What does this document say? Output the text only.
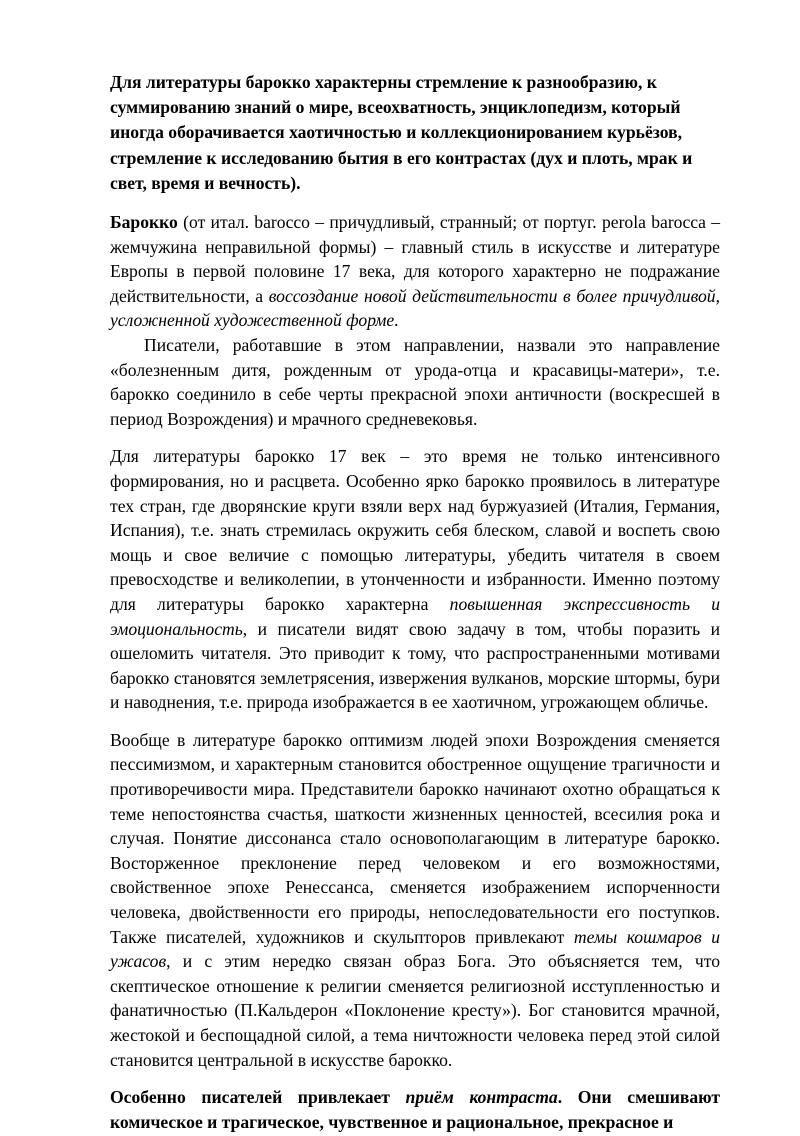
Для литературы барокко характерны стремление к разнообразию, к суммированию знаний о мире, всеохватность, энциклопедизм, который иногда оборачивается хаотичностью и коллекционированием курьёзов, стремление к исследованию бытия в его контрастах (дух и плоть, мрак и свет, время и вечность).

Барокко (от итал. barocco – причудливый, странный; от португ. perola barocca – жемчужина неправильной формы) – главный стиль в искусстве и литературе Европы в первой половине 17 века, для которого характерно не подражание действительности, а воссоздание новой действительности в более причудливой, усложненной художественной форме.

Писатели, работавшие в этом направлении, назвали это направление «болезненным дитя, рожденным от урода-отца и красавицы-матери», т.е. барокко соединило в себе черты прекрасной эпохи античности (воскресшей в период Возрождения) и мрачного средневековья.

Для литературы барокко 17 век – это время не только интенсивного формирования, но и расцвета. Особенно ярко барокко проявилось в литературе тех стран, где дворянские круги взяли верх над буржуазией (Италия, Германия, Испания), т.е. знать стремилась окружить себя блеском, славой и воспеть свою мощь и свое величие с помощью литературы, убедить читателя в своем превосходстве и великолепии, в утонченности и избранности. Именно поэтому для литературы барокко характерна повышенная экспрессивность и эмоциональность, и писатели видят свою задачу в том, чтобы поразить и ошеломить читателя. Это приводит к тому, что распространенными мотивами барокко становятся землетрясения, извержения вулканов, морские штормы, бури и наводнения, т.е. природа изображается в ее хаотичном, угрожающем обличье.

Вообще в литературе барокко оптимизм людей эпохи Возрождения сменяется пессимизмом, и характерным становится обостренное ощущение трагичности и противоречивости мира. Представители барокко начинают охотно обращаться к теме непостоянства счастья, шаткости жизненных ценностей, всесилия рока и случая. Понятие диссонанса стало основополагающим в литературе барокко. Восторженное преклонение перед человеком и его возможностями, свойственное эпохе Ренессанса, сменяется изображением испорченности человека, двойственности его природы, непоследовательности его поступков. Также писателей, художников и скульпторов привлекают темы кошмаров и ужасов, и с этим нередко связан образ Бога. Это объясняется тем, что скептическое отношение к религии сменяется религиозной исступленностью и фанатичностью (П.Кальдерон «Поклонение кресту»). Бог становится мрачной, жестокой и беспощадной силой, а тема ничтожности человека перед этой силой становится центральной в искусстве барокко.

Особенно писателей привлекает приём контраста. Они смешивают комическое и трагическое, чувственное и рациональное, прекрасное и
